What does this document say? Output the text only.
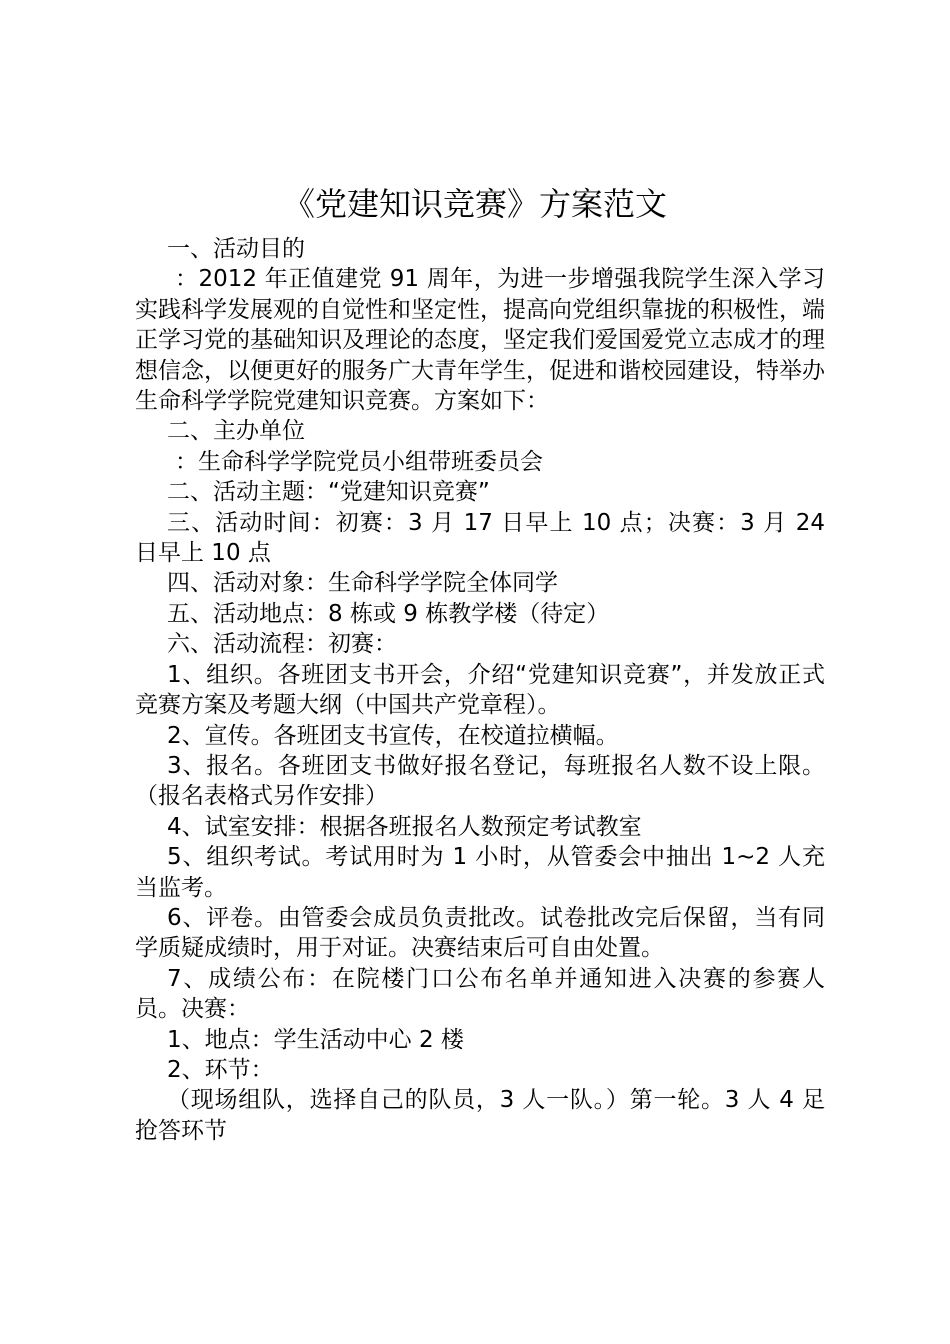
《党建知识竞赛》方案范文

一、活动目的

：2012 年正值建党 91 周年，为进一步增强我院学生深入学习实践科学发展观的自觉性和坚定性，提高向党组织靠拢的积极性，端正学习党的基础知识及理论的态度，坚定我们爱国爱党立志成才的理想信念，以便更好的服务广大青年学生，促进和谐校园建设，特举办生命科学学院党建知识竞赛。方案如下：

二、主办单位

：生命科学学院党员小组带班委员会

二、活动主题：“党建知识竞赛”

三、活动时间：初赛：3 月 17 日早上 10 点；决赛：3 月 24 日早上 10 点

四、活动对象：生命科学学院全体同学

五、活动地点：8 栋或 9 栋教学楼（待定）

六、活动流程：初赛：

1、组织。各班团支书开会，介绍“党建知识竞赛”，并发放正式竞赛方案及考题大纲（中国共产党章程）。

2、宣传。各班团支书宣传，在校道拉横幅。

3、报名。各班团支书做好报名登记，每班报名人数不设上限。（报名表格式另作安排）

4、试室安排：根据各班报名人数预定考试教室

5、组织考试。考试用时为 1 小时，从管委会中抽出 1~2 人充当监考。

6、评卷。由管委会成员负责批改。试卷批改完后保留，当有同学质疑成绩时，用于对证。决赛结束后可自由处置。

7、成绩公布：在院楼门口公布名单并通知进入决赛的参赛人员。决赛：

1、地点：学生活动中心 2 楼

2、环节：

（现场组队，选择自己的队员，3 人一队。）第一轮。3 人 4 足抢答环节
